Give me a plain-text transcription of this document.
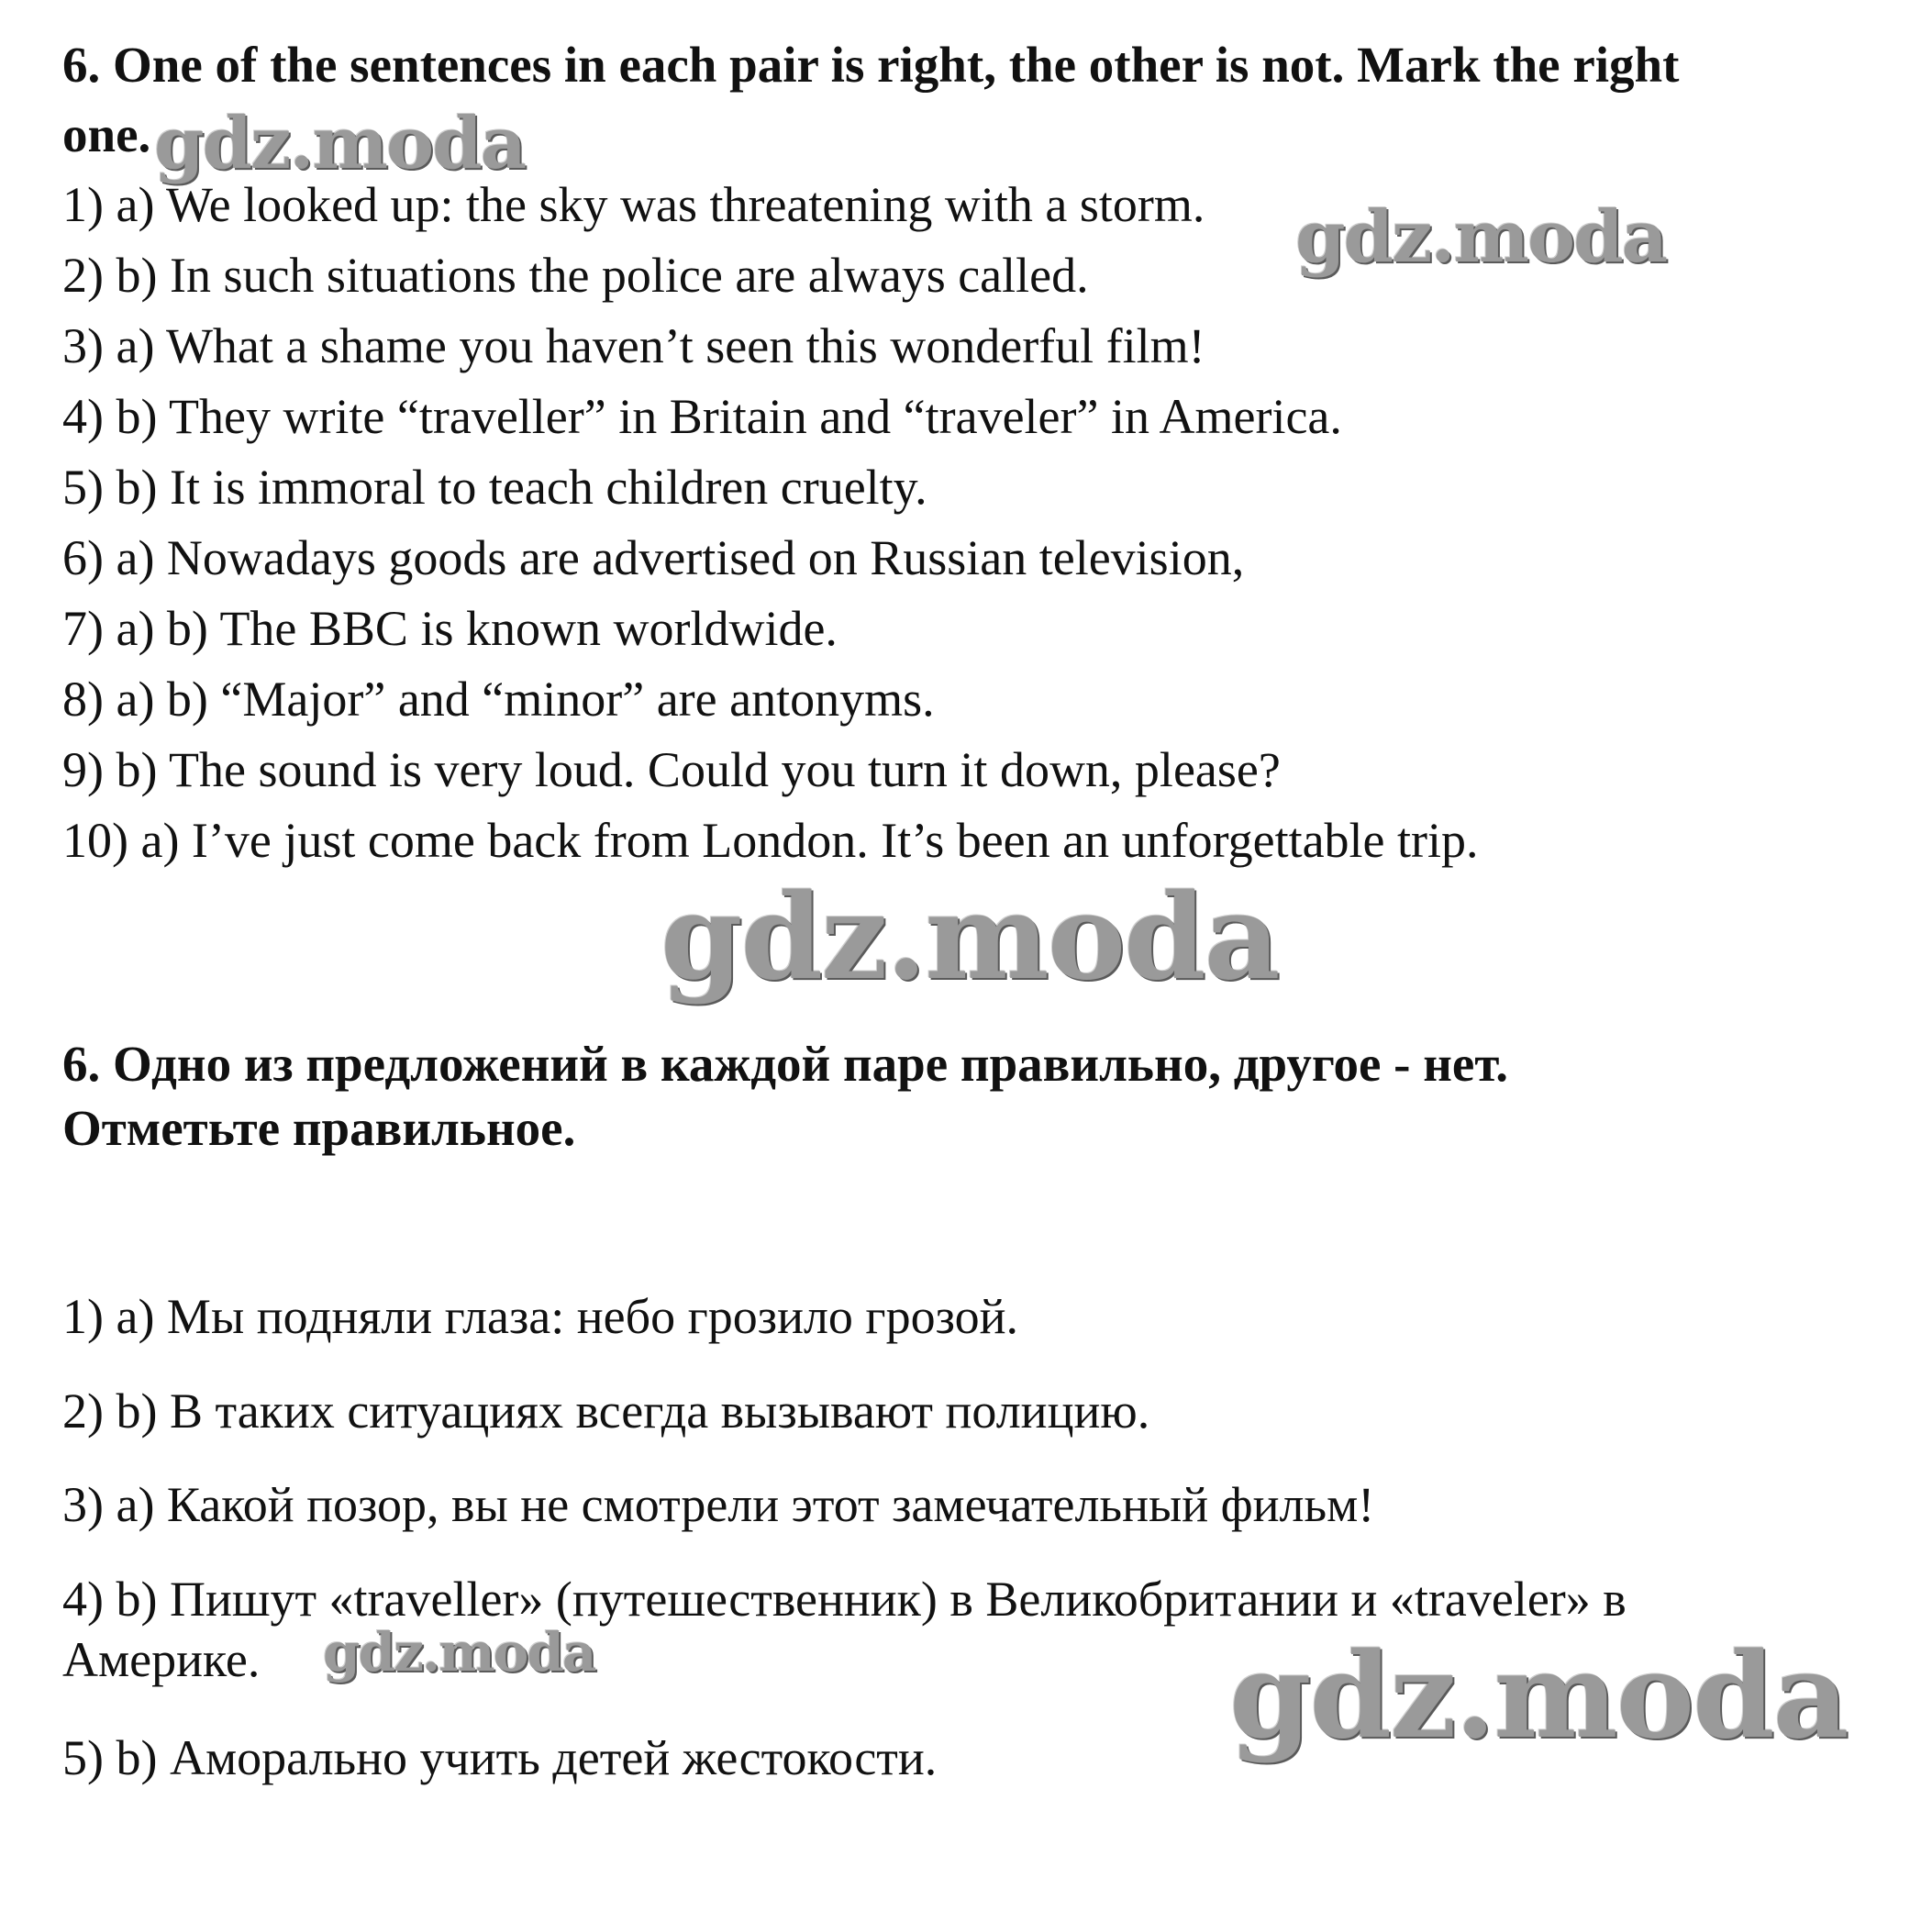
6. One of the sentences in each pair is right, the other is not. Mark the right

one.

1) a) We looked up: the sky was threatening with a storm.

2) b) In such situations the police are always called.

3) a) What a shame you haven’t seen this wonderful film!

4) b) They write “traveller” in Britain and “traveler” in America.

5) b) It is immoral to teach children cruelty.

6) a) Nowadays goods are advertised on Russian television,

7) a) b) The BBC is known worldwide.

8) a) b) “Major” and “minor” are antonyms.

9) b) The sound is very loud. Could you turn it down, please?

10) a) I’ve just come back from London. It’s been an unforgettable trip.

6. Одно из предложений в каждой паре правильно, другое - нет.

Отметьте правильное.

1) a) Мы подняли глаза: небо грозило грозой.

2) b) В таких ситуациях всегда вызывают полицию.

3) a) Какой позор, вы не смотрели этот замечательный фильм!

4) b) Пишут «traveller» (путешественник) в Великобритании и «traveler» в Америке.

5) b) Аморально учить детей жестокости.

gdz.moda
gdz.moda
gdz.moda
gdz.moda	gdz.moda
